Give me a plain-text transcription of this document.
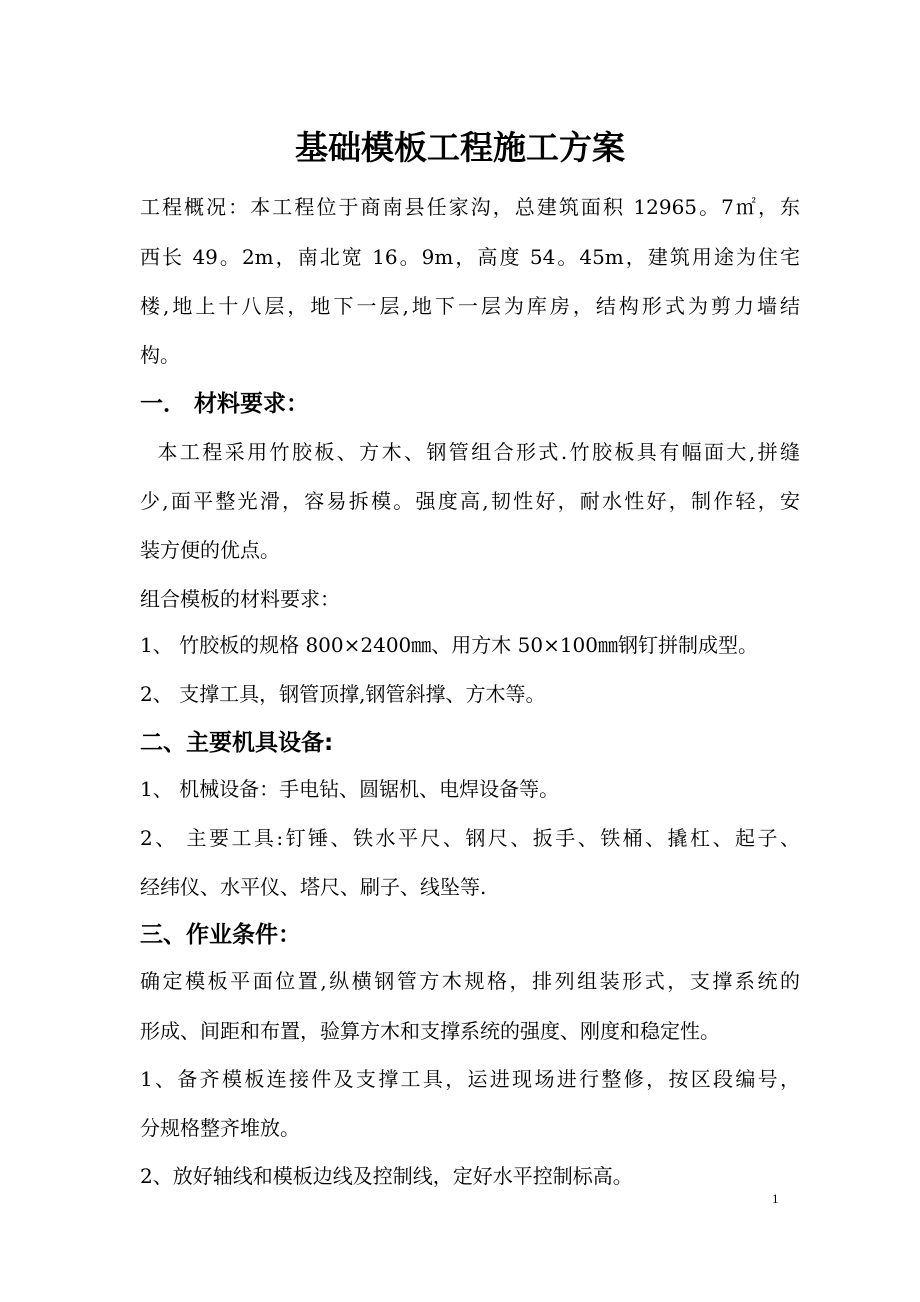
基础模板工程施工方案
工程概况：本工程位于商南县任家沟，总建筑面积 12965。7㎡，东
西长 49。2m，南北宽 16。9m，高度 54。45m，建筑用途为住宅
楼,地上十八层，地下一层,地下一层为库房，结构形式为剪力墙结
构。
一． 材料要求：
本工程采用竹胶板、方木、钢管组合形式.竹胶板具有幅面大,拼缝
少,面平整光滑，容易拆模。强度高,韧性好，耐水性好，制作轻，安
装方便的优点。
组合模板的材料要求：
1、 竹胶板的规格 800×2400㎜、用方木 50×100㎜钢钉拼制成型。
2、 支撑工具，钢管顶撑,钢管斜撑、方木等。
二、主要机具设备:
1、 机械设备：手电钻、圆锯机、电焊设备等。
2、 主要工具:钉锤、铁水平尺、钢尺、扳手、铁桶、撬杠、起子、
经纬仪、水平仪、塔尺、刷子、线坠等.
三、作业条件：
确定模板平面位置,纵横钢管方木规格，排列组装形式，支撑系统的
形成、间距和布置，验算方木和支撑系统的强度、刚度和稳定性。
1、备齐模板连接件及支撑工具，运进现场进行整修，按区段编号，
分规格整齐堆放。
2、放好轴线和模板边线及控制线，定好水平控制标高。
1
